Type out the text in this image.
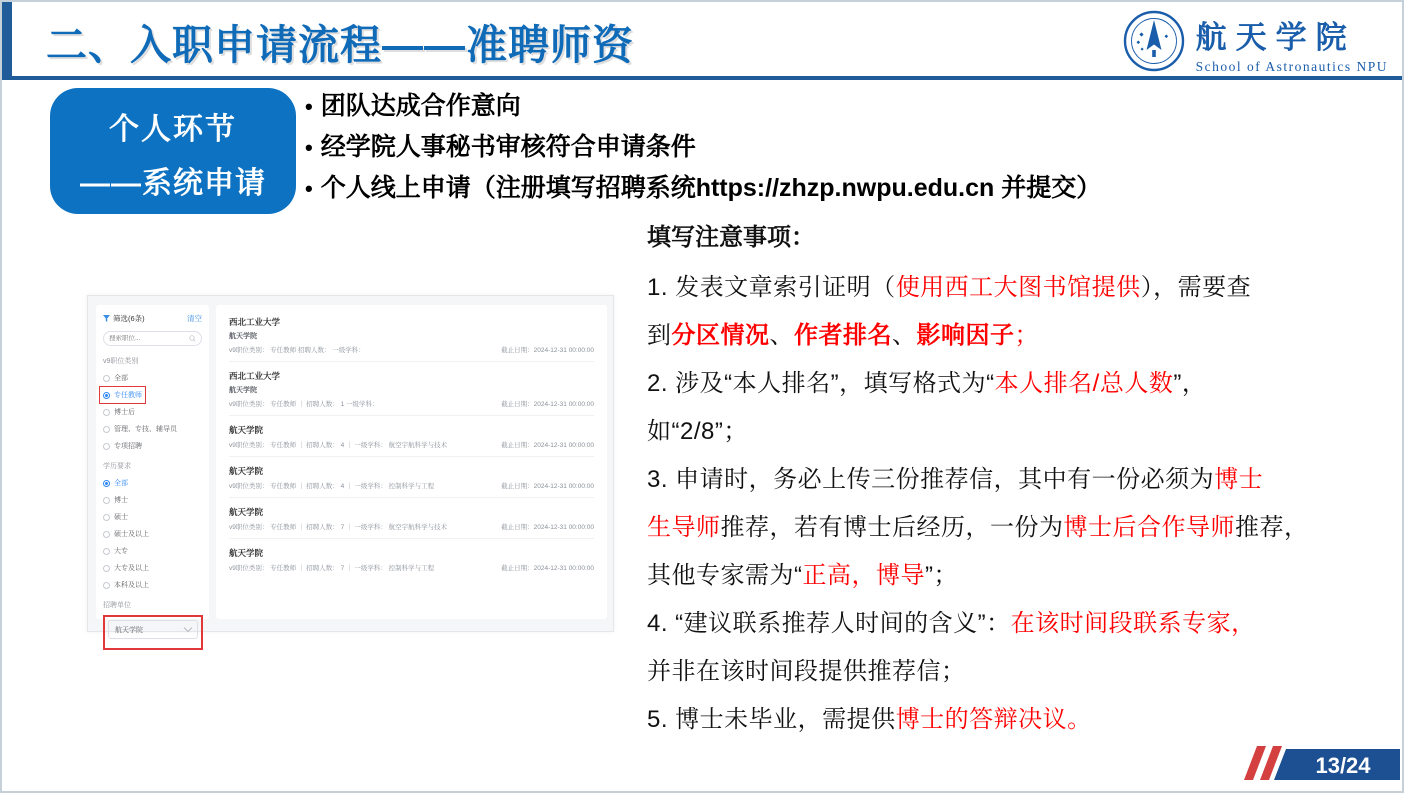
二、入职申请流程——准聘师资	航天学院
School of Astronautics NPU
个人环节
——系统申请
• 团队达成合作意向
• 经学院人事秘书审核符合申请条件
• 个人线上申请（注册填写招聘系统https://zhzp.nwpu.edu.cn 并提交）
筛选(6条)	清空
搜索职位...
v9职位类别
全部
专任教师
博士后
管理、专技、辅导员
专项招聘
学历要求
全部
博士
硕士
硕士及以上
大专
大专及以上
本科及以上
招聘单位
航天学院
西北工业大学
航天学院
v9职位类别： 专任教师 招聘人数： 一级学科：	截止日期：2024-12-31 00:00:00
西北工业大学
航天学院
v9职位类别： 专任教师 ｜ 招聘人数： 1 一级学科：	截止日期：2024-12-31 00:00:00
航天学院
v9职位类别： 专任教师 ｜ 招聘人数： 4 ｜ 一级学科： 航空宇航科学与技术	截止日期：2024-12-31 00:00:00
航天学院
v9职位类别： 专任教师 ｜ 招聘人数： 4 ｜ 一级学科： 控制科学与工程	截止日期：2024-12-31 00:00:00
航天学院
v9职位类别： 专任教师 ｜ 招聘人数： 7 ｜ 一级学科： 航空宇航科学与技术	截止日期：2024-12-31 00:00:00
航天学院
v9职位类别： 专任教师 ｜ 招聘人数： 7 ｜ 一级学科： 控制科学与工程	截止日期：2024-12-31 00:00:00

填写注意事项：

1. 发表文章索引证明（使用西工大图书馆提供），需要查

到分区情况、作者排名、影响因子；

2. 涉及“本人排名”，填写格式为“本人排名/总人数”，

如“2/8”；

3. 申请时，务必上传三份推荐信，其中有一份必须为博士

生导师推荐，若有博士后经历，一份为博士后合作导师推荐，

其他专家需为“正高，博导”；

4. “建议联系推荐人时间的含义”：在该时间段联系专家，

并非在该时间段提供推荐信；

5. 博士未毕业，需提供博士的答辩决议。

13/24
